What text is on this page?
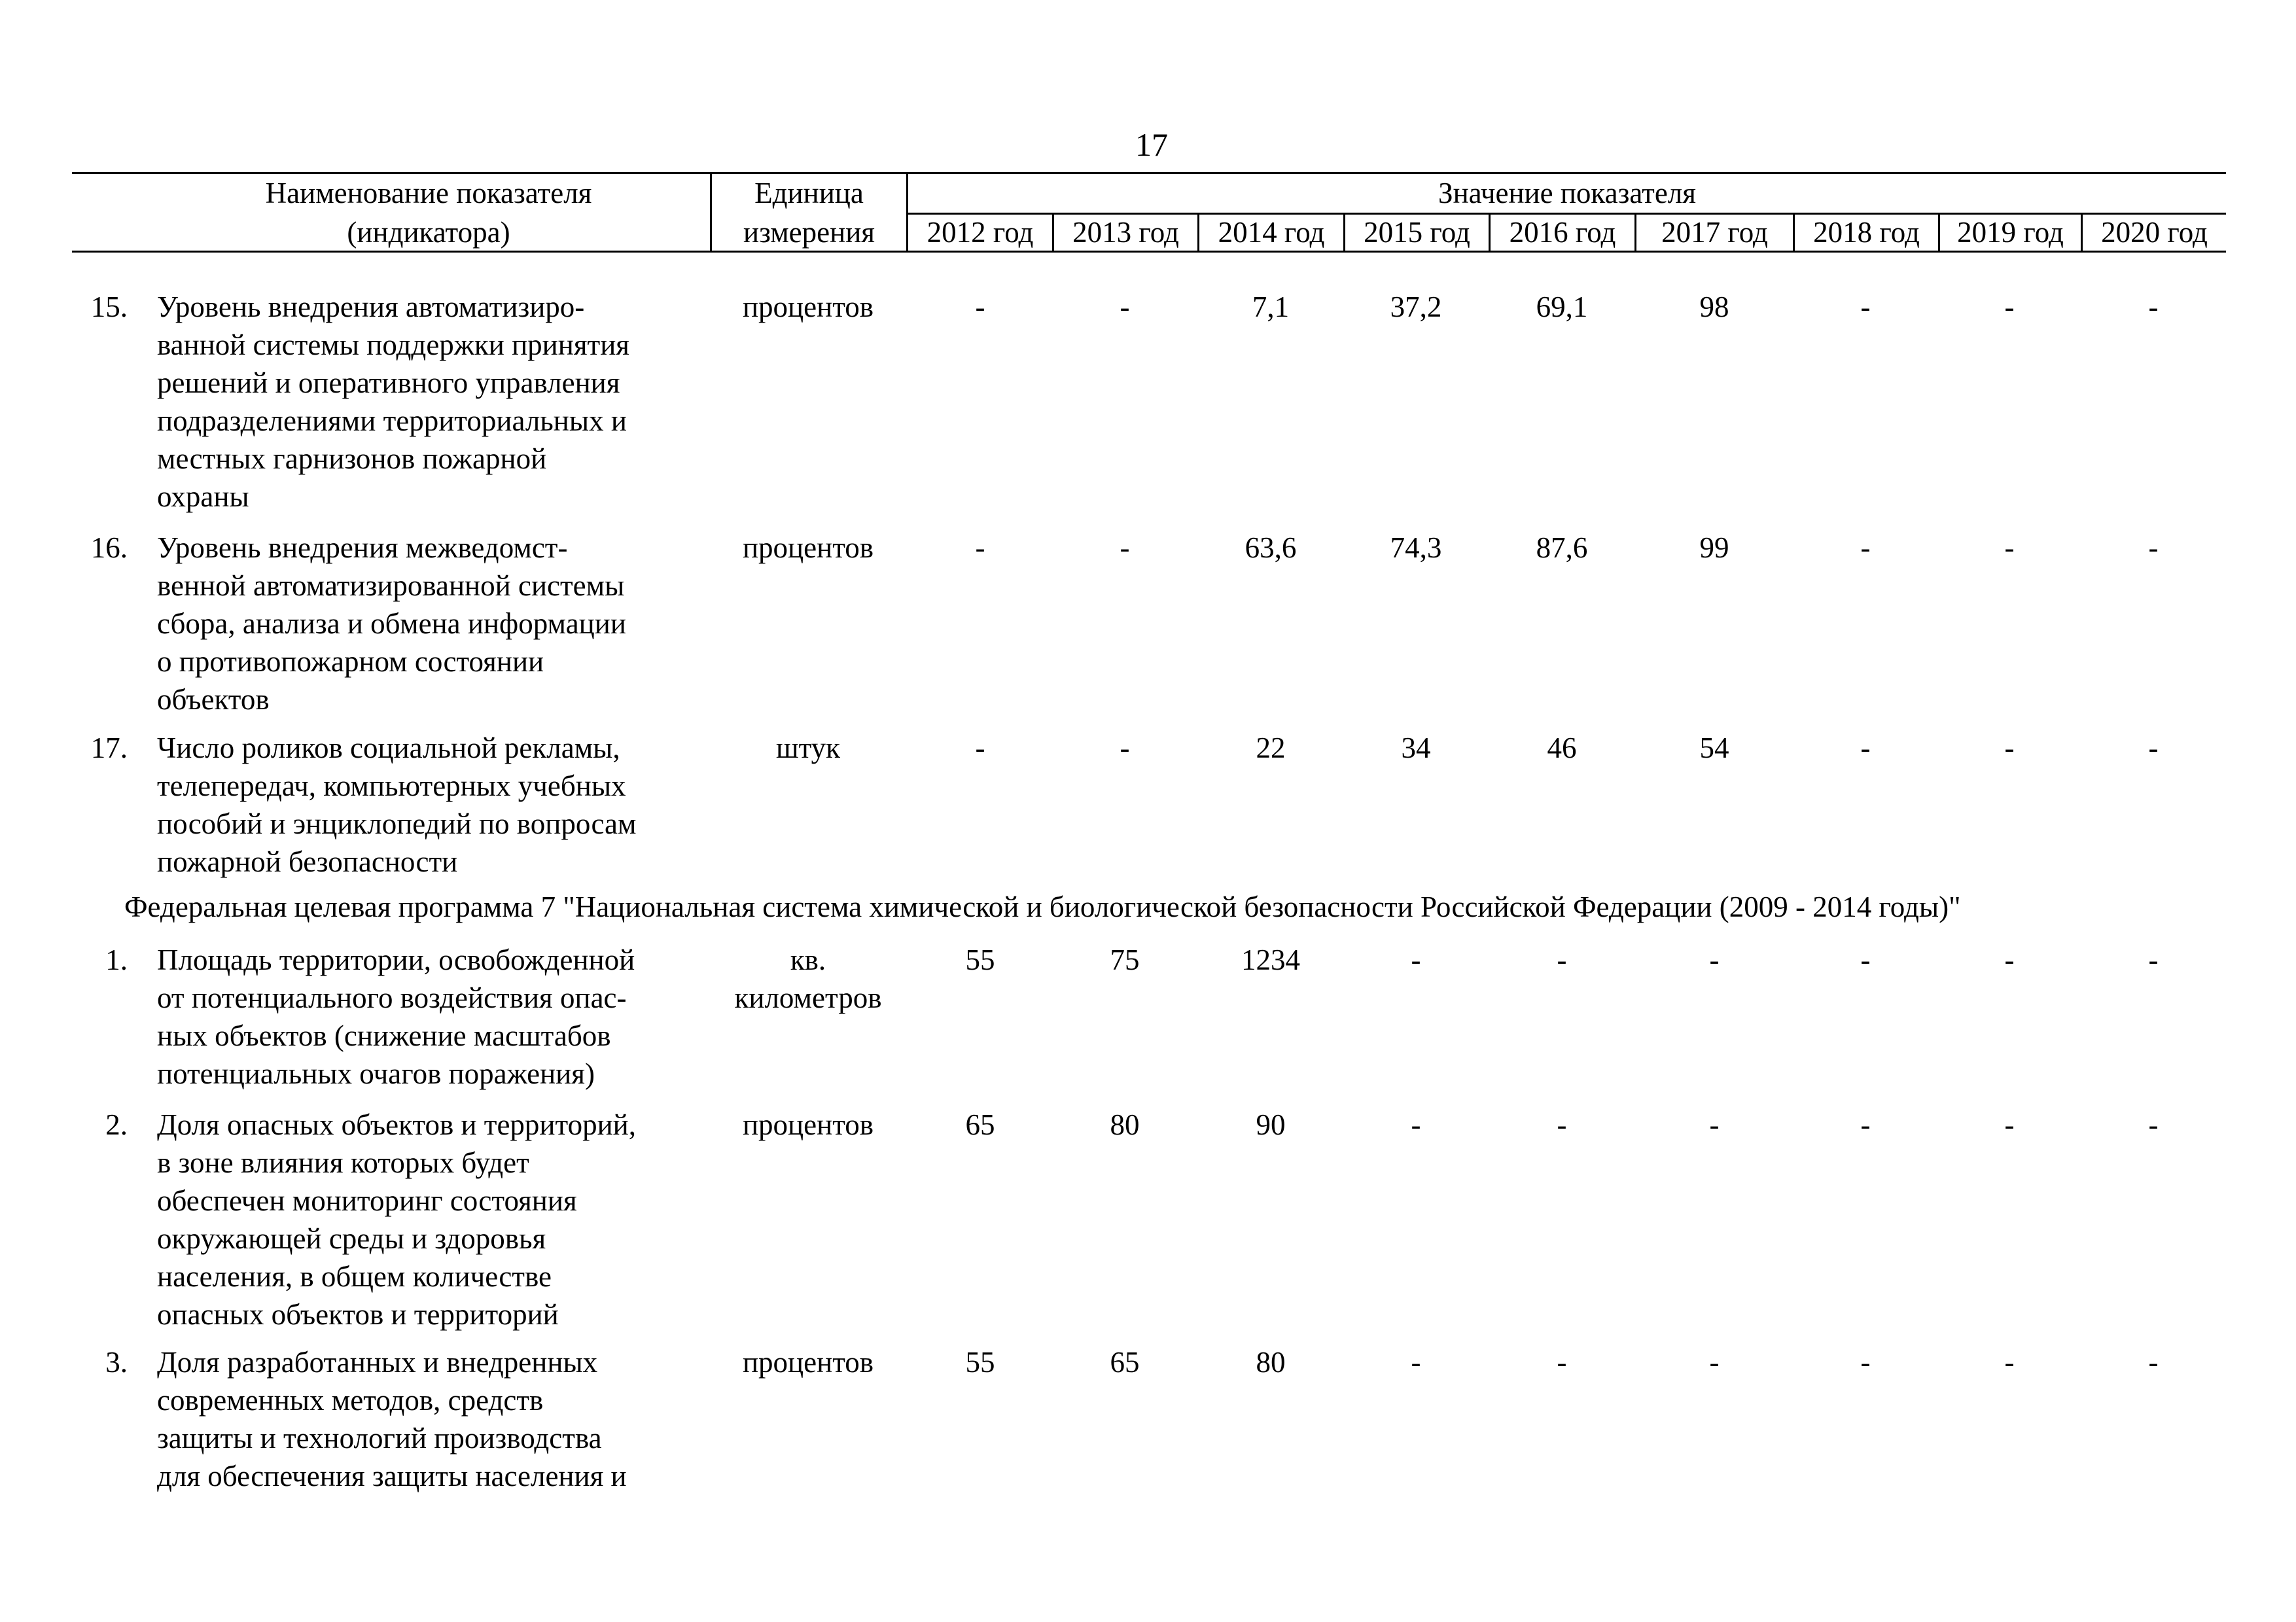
17
Наименование показателя
(индикатора)
Единица
измерения
Значение показателя
2012 год	2013 год	2014 год	2015 год	2016 год	2017 год	2018 год	2019 год	2020 год
15. Уровень внедрения автоматизиро-
ванной системы поддержки принятия
решений и оперативного управления
подразделениями территориальных и
местных гарнизонов пожарной
охраны
процентов	-	-	7,1	37,2	69,1	98	-	-	-
16. Уровень внедрения межведомст-
венной автоматизированной системы
сбора, анализа и обмена информации
о противопожарном состоянии
объектов
процентов	-	-	63,6	74,3	87,6	99	-	-	-
17. Число роликов социальной рекламы,
телепередач, компьютерных учебных
пособий и энциклопедий по вопросам
пожарной безопасности
штук	-	-	22	34	46	54	-	-	-
Федеральная целевая программа 7 "Национальная система химической и биологической безопасности Российской Федерации (2009 - 2014 годы)"
1. Площадь территории, освобожденной
от потенциального воздействия опас-
ных объектов (снижение масштабов
потенциальных очагов поражения)
кв.
километров
55	75	1234	-	-	-	-	-	-
2. Доля опасных объектов и территорий,
в зоне влияния которых будет
обеспечен мониторинг состояния
окружающей среды и здоровья
населения, в общем количестве
опасных объектов и территорий
процентов	65	80	90	-	-	-	-	-	-
3. Доля разработанных и внедренных
современных методов, средств
защиты и технологий производства
для обеспечения защиты населения и
процентов	55	65	80	-	-	-	-	-	-
